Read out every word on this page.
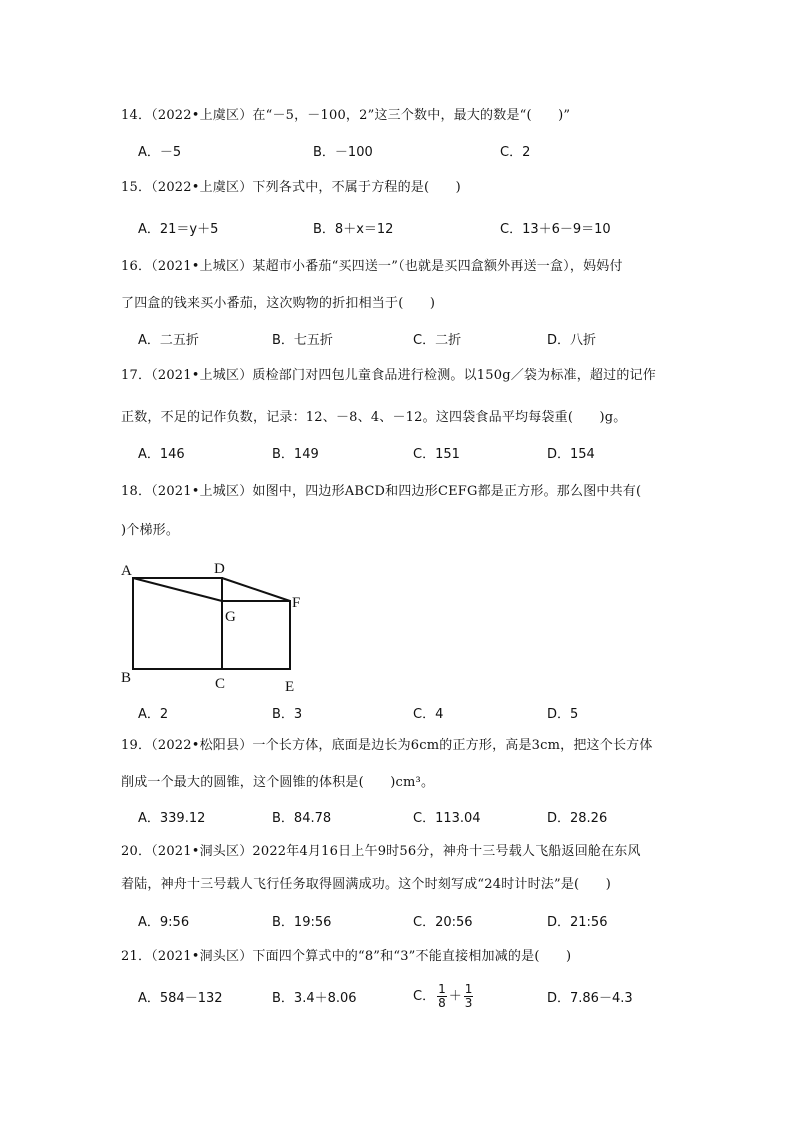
14．（2022•上虞区）在“－5，－100，2”这三个数中，最大的数是“(　　)”
A．－5	B．－100	C．2
15．（2022•上虞区）下列各式中，不属于方程的是(　　)
A．21＝y＋5	B．8＋x＝12	C．13＋6－9＝10
16．（2021•上城区）某超市小番茄“买四送一”（也就是买四盒额外再送一盒），妈妈付
了四盒的钱来买小番茄，这次购物的折扣相当于(　　)
A．二五折	B．七五折	C．二折	D．八折
17．（2021•上城区）质检部门对四包儿童食品进行检测。以150g／袋为标准，超过的记作
正数，不足的记作负数，记录：12、－8、4、－12。这四袋食品平均每袋重(　　)g。
A．146	B．149	C．151	D．154
18．（2021•上城区）如图中，四边形ABCD和四边形CEFG都是正方形。那么图中共有(
)个梯形。
A	D
G
F
B	C	E
A．2	B．3	C．4	D．5
19．（2022•松阳县）一个长方体，底面是边长为6cm的正方形，高是3cm，把这个长方体
削成一个最大的圆锥，这个圆锥的体积是(　　)cm³。
A．339.12	B．84.78	C．113.04	D．28.26
20．（2021•洞头区）2022年4月16日上午9时56分，神舟十三号载人飞船返回舱在东风
着陆，神舟十三号载人飞行任务取得圆满成功。这个时刻写成“24时计时法”是(　　)
A．9:56	B．19:56	C．20:56	D．21:56
21．（2021•洞头区）下面四个算式中的“8”和“3”不能直接相加减的是(　　)
A．584－132	B．3.4＋8.06	C． $\frac{1}{8} + \frac{1}{3}$	D．7.86－4.3
